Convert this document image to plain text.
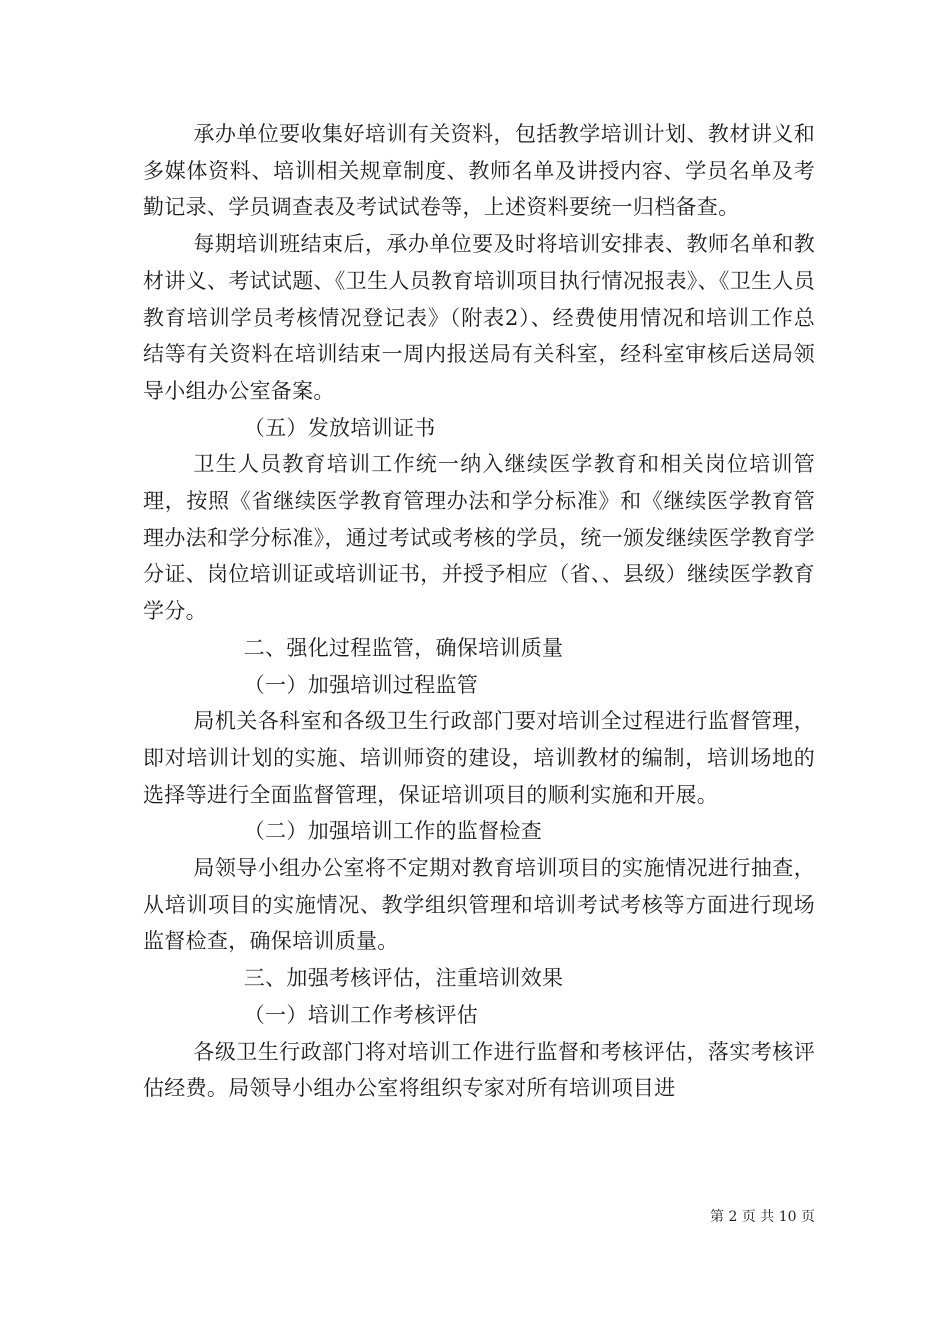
承办单位要收集好培训有关资料，包括教学培训计划、教材讲义和多媒体资料、培训相关规章制度、教师名单及讲授内容、学员名单及考勤记录、学员调查表及考试试卷等，上述资料要统一归档备查。

每期培训班结束后，承办单位要及时将培训安排表、教师名单和教材讲义、考试试题、《卫生人员教育培训项目执行情况报表》、《卫生人员教育培训学员考核情况登记表》（附表2）、经费使用情况和培训工作总结等有关资料在培训结束一周内报送局有关科室，经科室审核后送局领导小组办公室备案。

（五）发放培训证书

卫生人员教育培训工作统一纳入继续医学教育和相关岗位培训管理，按照《省继续医学教育管理办法和学分标准》和《继续医学教育管理办法和学分标准》，通过考试或考核的学员，统一颁发继续医学教育学分证、岗位培训证或培训证书，并授予相应（省、、县级）继续医学教育学分。

二、强化过程监管，确保培训质量

（一）加强培训过程监管

局机关各科室和各级卫生行政部门要对培训全过程进行监督管理，即对培训计划的实施、培训师资的建设，培训教材的编制，培训场地的选择等进行全面监督管理，保证培训项目的顺利实施和开展。

（二）加强培训工作的监督检查

局领导小组办公室将不定期对教育培训项目的实施情况进行抽查，从培训项目的实施情况、教学组织管理和培训考试考核等方面进行现场监督检查，确保培训质量。

三、加强考核评估，注重培训效果

（一）培训工作考核评估

各级卫生行政部门将对培训工作进行监督和考核评估，落实考核评估经费。局领导小组办公室将组织专家对所有培训项目进

第 2 页 共 10 页
